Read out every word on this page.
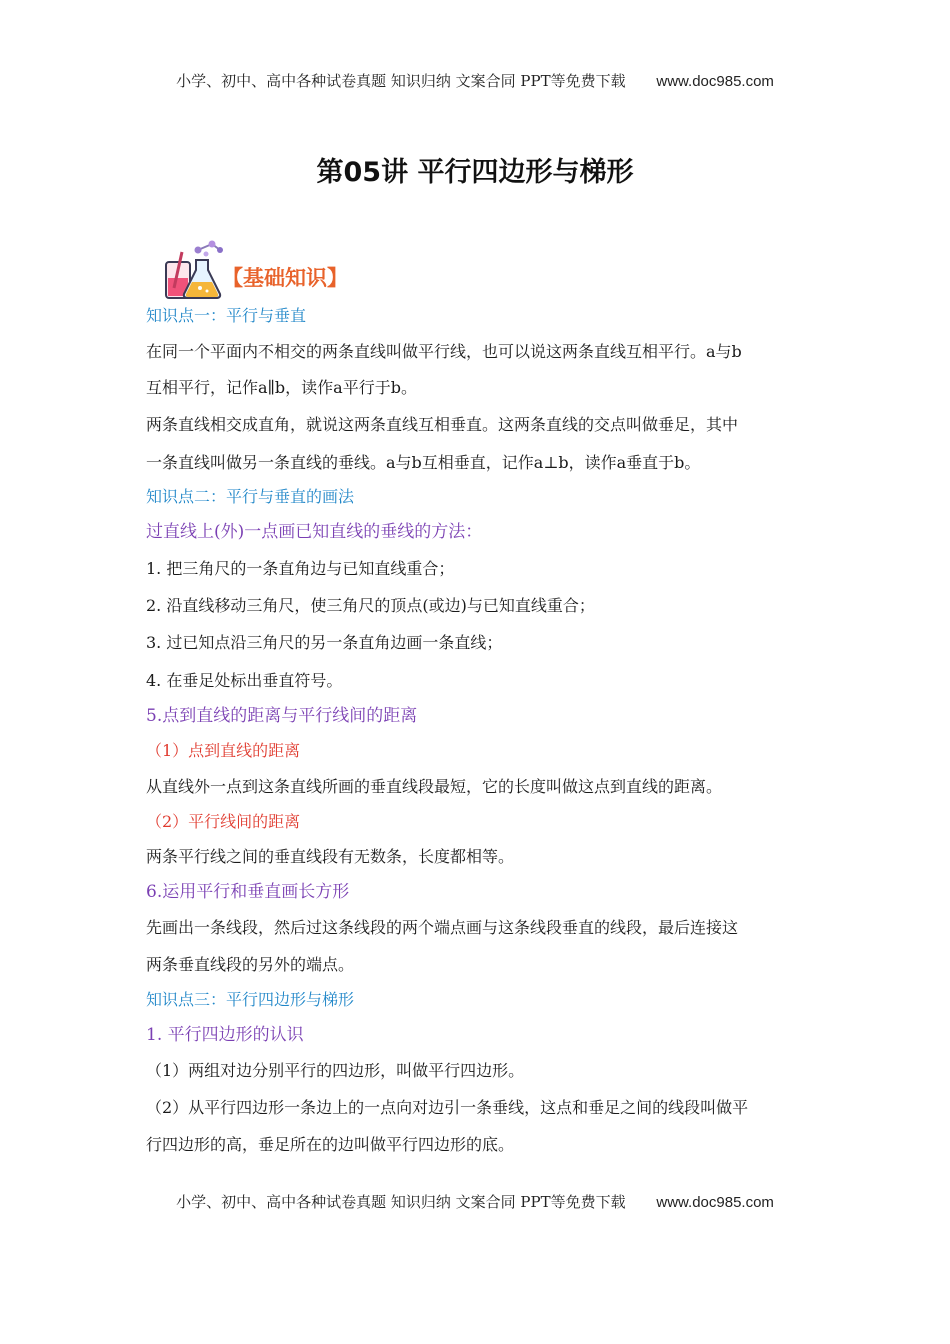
小学、初中、高中各种试卷真题 知识归纳 文案合同 PPT等免费下载 www.doc985.com
第05讲 平行四边形与梯形
【基础知识】
知识点一：平行与垂直
在同一个平面内不相交的两条直线叫做平行线，也可以说这两条直线互相平行。a与b
互相平行，记作a∥b，读作a平行于b。
两条直线相交成直角，就说这两条直线互相垂直。这两条直线的交点叫做垂足，其中
一条直线叫做另一条直线的垂线。a与b互相垂直，记作a⊥b，读作a垂直于b。
知识点二：平行与垂直的画法
过直线上(外)一点画已知直线的垂线的方法：
1. 把三角尺的一条直角边与已知直线重合；
2. 沿直线移动三角尺，使三角尺的顶点(或边)与已知直线重合；
3. 过已知点沿三角尺的另一条直角边画一条直线；
4. 在垂足处标出垂直符号。
5.点到直线的距离与平行线间的距离
（1）点到直线的距离
从直线外一点到这条直线所画的垂直线段最短，它的长度叫做这点到直线的距离。
（2）平行线间的距离
两条平行线之间的垂直线段有无数条，长度都相等。
6.运用平行和垂直画长方形
先画出一条线段，然后过这条线段的两个端点画与这条线段垂直的线段，最后连接这
两条垂直线段的另外的端点。
知识点三：平行四边形与梯形
1. 平行四边形的认识
（1）两组对边分别平行的四边形，叫做平行四边形。
（2）从平行四边形一条边上的一点向对边引一条垂线，这点和垂足之间的线段叫做平
行四边形的高，垂足所在的边叫做平行四边形的底。
小学、初中、高中各种试卷真题 知识归纳 文案合同 PPT等免费下载 www.doc985.com
